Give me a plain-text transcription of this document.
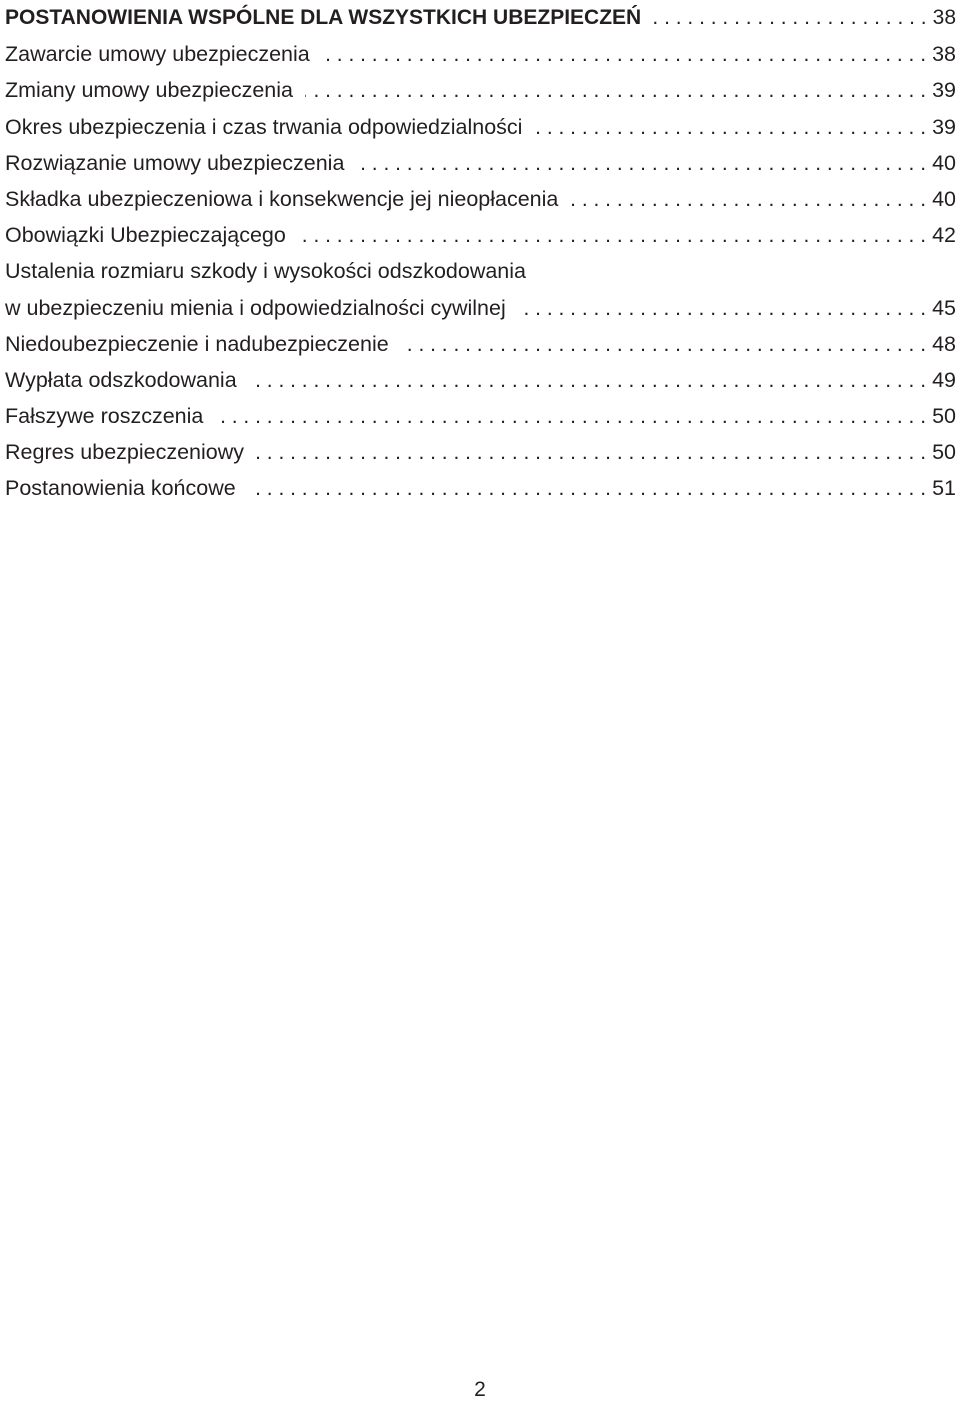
POSTANOWIENIA WSPÓLNE DLA WSZYSTKICH UBEZPIECZEŃ . . .	38
Zawarcie umowy ubezpieczenia . . .	38
Zmiany umowy ubezpieczenia . . .	39
Okres ubezpieczenia i czas trwania odpowiedzialności . . .	39
Rozwiązanie umowy ubezpieczenia . . .	40
Składka ubezpieczeniowa i konsekwencje jej nieopłacenia . . .	40
Obowiązki Ubezpieczającego . . .	42
Ustalenia rozmiaru szkody i wysokości odszkodowania
w ubezpieczeniu mienia i odpowiedzialności cywilnej . . .	45
Niedoubezpieczenie i nadubezpieczenie . . .	48
Wypłata odszkodowania . . .	49
Fałszywe roszczenia . . .	50
Regres ubezpieczeniowy . . .	50
Postanowienia końcowe . . .	51
2
